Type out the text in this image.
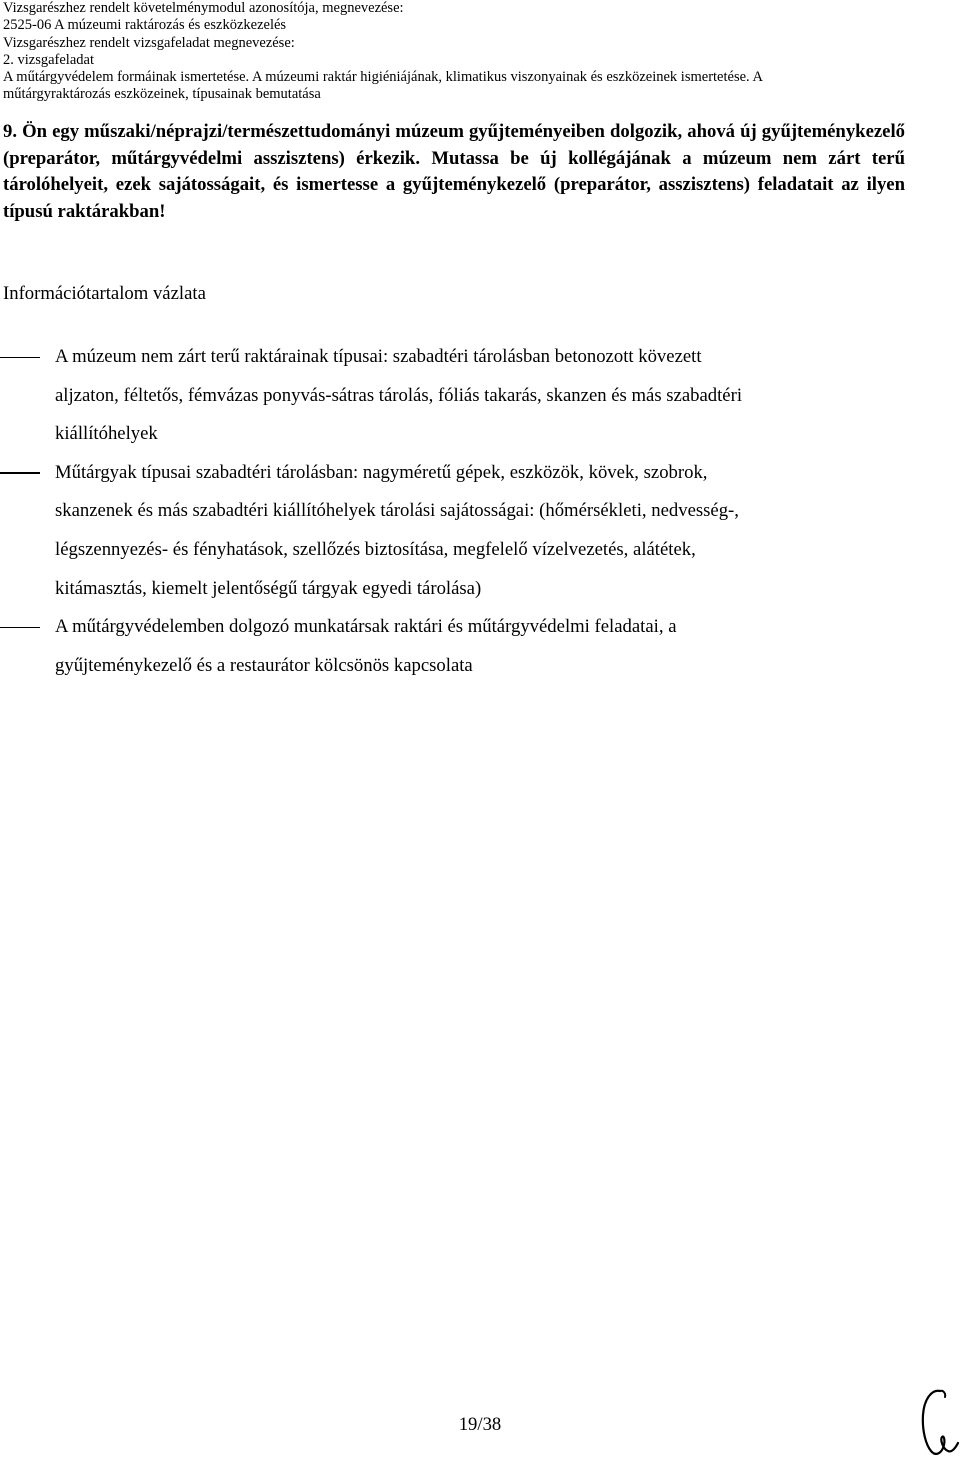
Vizsgarészhez rendelt követelménymodul azonosítója, megnevezése:
2525-06 A múzeumi raktározás és eszközkezelés
Vizsgarészhez rendelt vizsgafeladat megnevezése:
2. vizsgafeladat
A műtárgyvédelem formáinak ismertetése. A múzeumi raktár higiéniájának, klimatikus viszonyainak és eszközeinek ismertetése. A
műtárgyraktározás eszközeinek, típusainak bemutatása
9. Ön egy műszaki/néprajzi/természettudományi múzeum gyűjteményeiben dolgozik, ahová új gyűjteménykezelő (preparátor, műtárgyvédelmi asszisztens) érkezik. Mutassa be új kollégájának a múzeum nem zárt terű tárolóhelyeit, ezek sajátosságait, és ismertesse a gyűjteménykezelő (preparátor, asszisztens) feladatait az ilyen típusú raktárakban!
Információtartalom vázlata
A múzeum nem zárt terű raktárainak típusai: szabadtéri tárolásban betonozott kövezett
aljzaton, féltetős, fémvázas ponyvás-sátras tárolás, fóliás takarás, skanzen és más szabadtéri
kiállítóhelyek
Műtárgyak típusai szabadtéri tárolásban: nagyméretű gépek, eszközök, kövek, szobrok,
skanzenek és más szabadtéri kiállítóhelyek tárolási sajátosságai: (hőmérsékleti, nedvesség-,
légszennyezés- és fényhatások, szellőzés biztosítása, megfelelő vízelvezetés, alátétek,
kitámasztás, kiemelt jelentőségű tárgyak egyedi tárolása)
A műtárgyvédelemben dolgozó munkatársak raktári és műtárgyvédelmi feladatai, a
gyűjteménykezelő és a restaurátor kölcsönös kapcsolata
19/38
